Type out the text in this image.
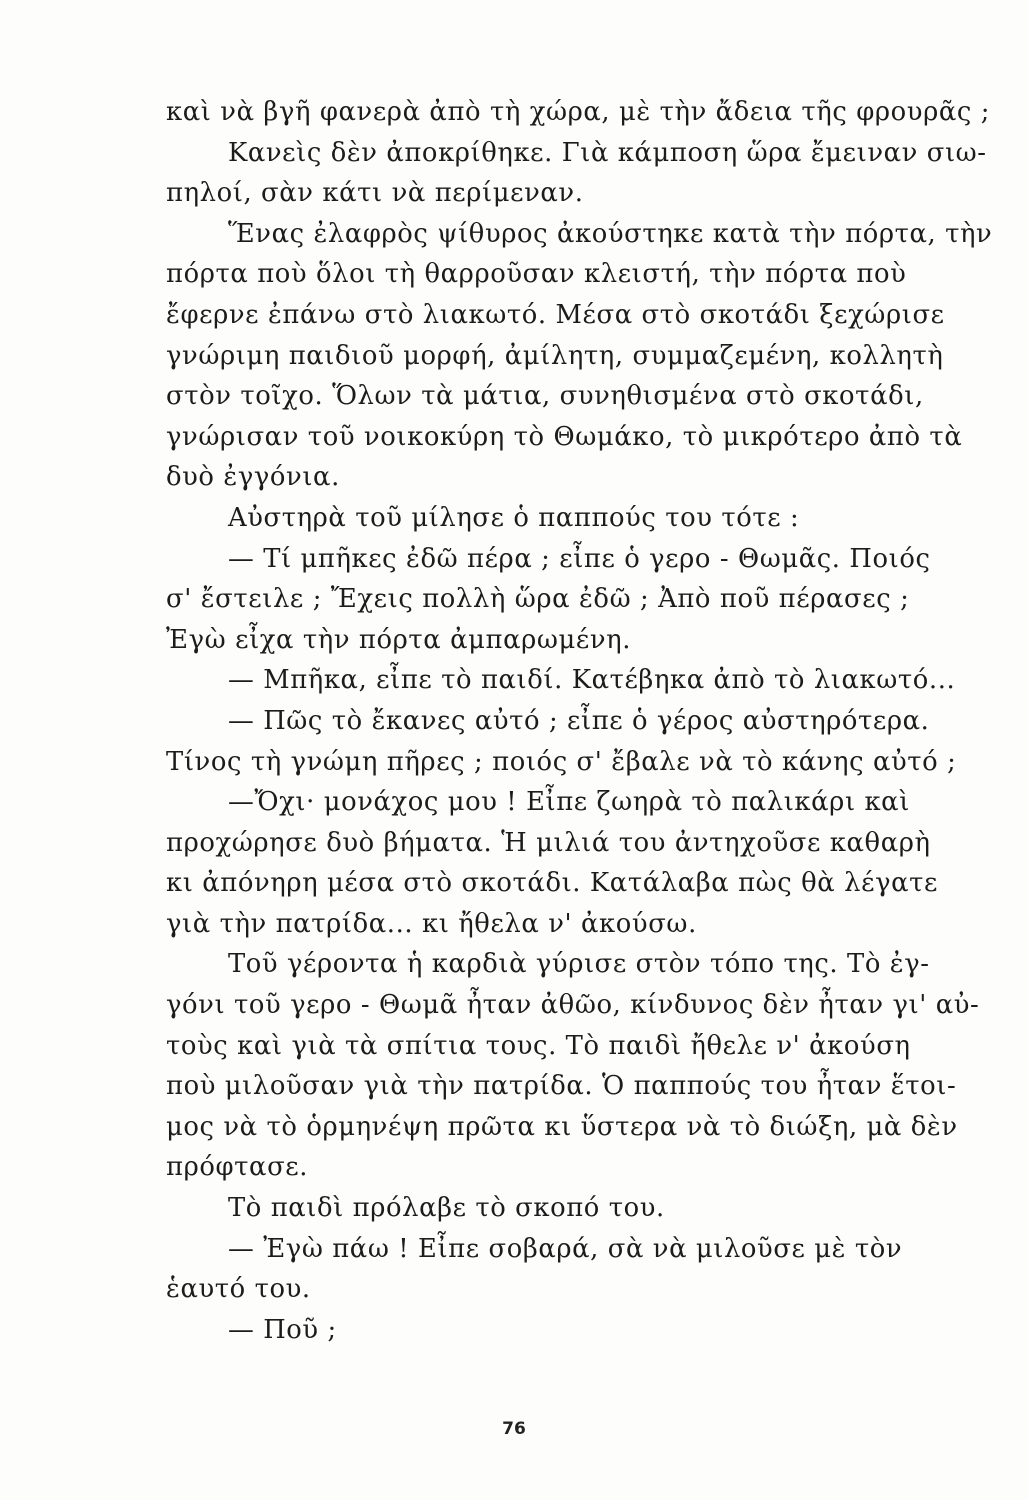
καὶ νὰ βγῆ φανερὰ ἀπὸ τὴ χώρα, μὲ τὴν ἄδεια τῆς φρουρᾶς ;
Κανεὶς δὲν ἀποκρίθηκε. Γιὰ κάμποση ὥρα ἔμειναν σιω-
πηλοί, σὰν κάτι νὰ περίμεναν.
Ἕνας ἐλαφρὸς ψίθυρος ἀκούστηκε κατὰ τὴν πόρτα, τὴν
πόρτα ποὺ ὅλοι τὴ θαρροῦσαν κλειστή, τὴν πόρτα ποὺ
ἔφερνε ἐπάνω στὸ λιακωτό. Μέσα στὸ σκοτάδι ξεχώρισε
γνώριμη παιδιοῦ μορφή, ἀμίλητη, συμμαζεμένη, κολλητὴ
στὸν τοῖχο. Ὅλων τὰ μάτια, συνηθισμένα στὸ σκοτάδι,
γνώρισαν τοῦ νοικοκύρη τὸ Θωμάκο, τὸ μικρότερο ἀπὸ τὰ
δυὸ ἐγγόνια.
Αὐστηρὰ τοῦ μίλησε ὁ παππούς του τότε :
— Τί μπῆκες ἐδῶ πέρα ; εἶπε ὁ γερο - Θωμᾶς. Ποιός
σ' ἔστειλε ; Ἔχεις πολλὴ ὥρα ἐδῶ ; Ἀπὸ ποῦ πέρασες ;
Ἐγὼ εἶχα τὴν πόρτα ἀμπαρωμένη.
— Μπῆκα, εἶπε τὸ παιδί. Κατέβηκα ἀπὸ τὸ λιακωτό...
— Πῶς τὸ ἔκανες αὐτό ; εἶπε ὁ γέρος αὐστηρότερα.
Τίνος τὴ γνώμη πῆρες ; ποιός σ' ἔβαλε νὰ τὸ κάνης αὐτό ;
—Ὄχι· μονάχος μου ! Εἶπε ζωηρὰ τὸ παλικάρι καὶ
προχώρησε δυὸ βήματα. Ἡ μιλιά του ἀντηχοῦσε καθαρὴ
κι ἀπόνηρη μέσα στὸ σκοτάδι. Κατάλαβα πὼς θὰ λέγατε
γιὰ τὴν πατρίδα... κι ἤθελα ν' ἀκούσω.
Τοῦ γέροντα ἡ καρδιὰ γύρισε στὸν τόπο της. Τὸ ἐγ-
γόνι τοῦ γερο - Θωμᾶ ἦταν ἀθῶο, κίνδυνος δὲν ἦταν γι' αὐ-
τοὺς καὶ γιὰ τὰ σπίτια τους. Τὸ παιδὶ ἤθελε ν' ἀκούση
ποὺ μιλοῦσαν γιὰ τὴν πατρίδα. Ὁ παππούς του ἦταν ἕτοι-
μος νὰ τὸ ὁρμηνέψη πρῶτα κι ὕστερα νὰ τὸ διώξη, μὰ δὲν
πρόφτασε.
Τὸ παιδὶ πρόλαβε τὸ σκοπό του.
— Ἐγὼ πάω ! Εἶπε σοβαρά, σὰ νὰ μιλοῦσε μὲ τὸν
ἑαυτό του.
— Ποῦ ;
76
